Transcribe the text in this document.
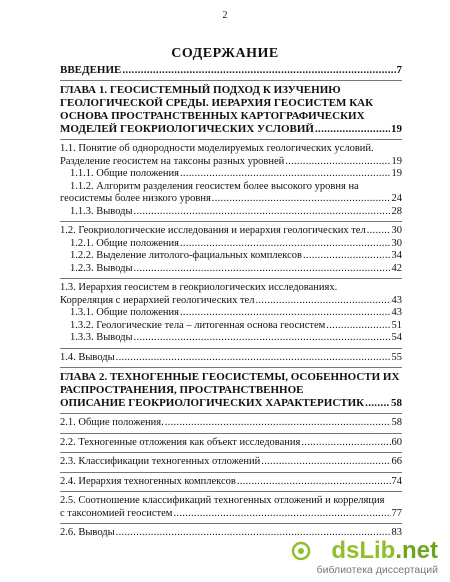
2
СОДЕРЖАНИЕ
ВВЕДЕНИЕ .....	7
ГЛАВА 1. ГЕОСИСТЕМНЫЙ ПОДХОД К ИЗУЧЕНИЮ ГЕОЛОГИЧЕСКОЙ СРЕДЫ. ИЕРАРХИЯ ГЕОСИСТЕМ КАК ОСНОВА ПРОСТРАНСТВЕННЫХ КАРТОГРАФИЧЕСКИХ
МОДЕЛЕЙ ГЕОКРИОЛОГИЧЕСКИХ УСЛОВИЙ .....	19
1.1. Понятие об однородности моделируемых геологических условий.
Разделение геосистем на таксоны разных уровней .....	19
1.1.1. Общие положения .....	19
1.1.2. Алгоритм разделения геосистем более высокого уровня на
геосистемы более низкого уровня .....	24
1.1.3. Выводы .....	28
1.2. Геокриологические исследования и иерархия геологических тел ..... 30
1.2.1. Общие положения .....	30
1.2.2. Выделение литолого-фациальных комплексов .....	34
1.2.3. Выводы .....	42
1.3. Иерархия геосистем в геокриологических исследованиях.
Корреляция с иерархией геологических тел .....	43
1.3.1. Общие положения .....	43
1.3.2. Геологические тела – литогенная основа геосистем .....	51
1.3.3. Выводы .....	54
1.4. Выводы .....	55
ГЛАВА 2. ТЕХНОГЕННЫЕ ГЕОСИСТЕМЫ, ОСОБЕННОСТИ ИХ РАСПРОСТРАНЕНИЯ, ПРОСТРАНСТВЕННОЕ
ОПИСАНИЕ ГЕОКРИОЛОГИЧЕСКИХ ХАРАКТЕРИСТИК ..... 58
2.1. Общие положения. .....	58
2.2. Техногенные отложения как объект исследования .....	60
2.3. Классификации техногенных отложений .....	66
2.4. Иерархия техногенных комплексов .....	74
2.5. Соотношение классификаций техногенных отложений и корреляция
с таксономией геосистем .....	77
2.6. Выводы .....	83
dsLib.net
библиотека диссертаций
